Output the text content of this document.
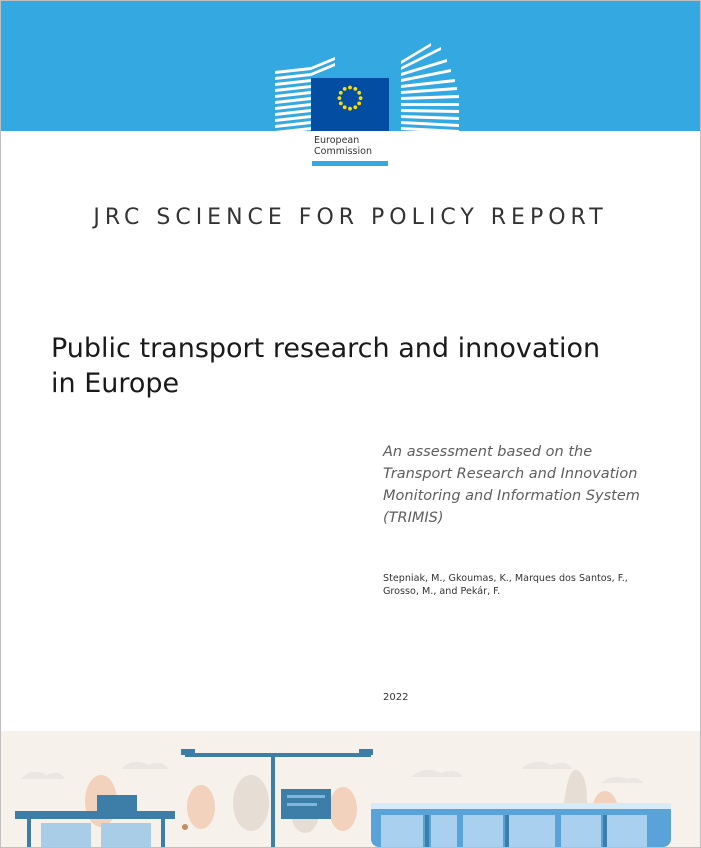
European
Commission
JRC SCIENCE FOR POLICY REPORT
Public transport research and innovation in Europe
An assessment based on the Transport Research and Innovation Monitoring and Information System (TRIMIS)
Stepniak, M., Gkoumas, K., Marques dos Santos, F., Grosso, M., and Pekár, F.
2022
